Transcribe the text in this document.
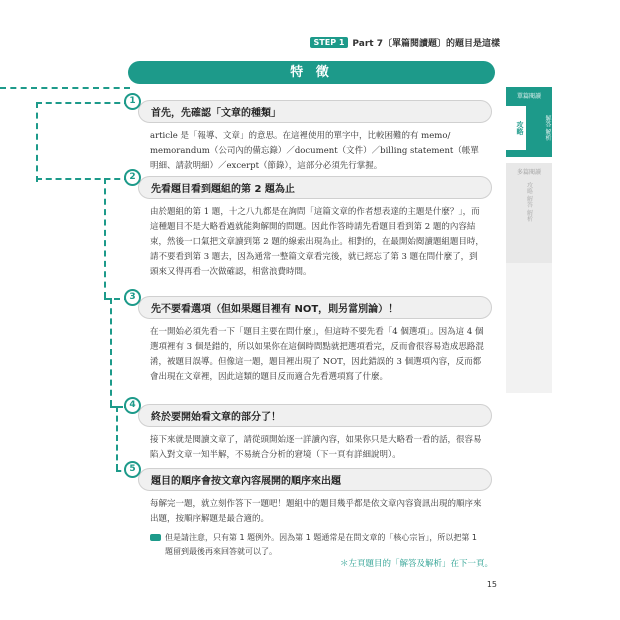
STEP 1 Part 7〔單篇閱讀題〕的題目是這樣
特 徵
1
首先，先確認「文章的種類」
article 是「報導、文章」的意思。在這裡使用的單字中，比較困難的有 memo/ memorandum（公司內的備忘錄）／document（文件）／billing statement（帳單明細、請款明細）／excerpt（節錄），這部分必須先行掌握。
2
先看題目看到題組的第 2 題為止
由於題組的第 1 題，十之八九都是在詢問「這篇文章的作者想表達的主題是什麼？」，而這種題目不是大略看過就能夠解開的問題。因此作答時請先看題目看到第 2 題的內容結束，然後一口氣把文章讀到第 2 題的線索出現為止。相對的，在最開始閱讀題組題目時，請不要看到第 3 題去，因為通常一整篇文章看完後，就已經忘了第 3 題在問什麼了，到頭來又得再看一次做確認，相當浪費時間。
3
先不要看選項（但如果題目裡有 NOT，則另當別論）！
在一開始必須先看一下「題目主要在問什麼」，但這時不要先看「4 個選項」。因為這 4 個選項裡有 3 個是錯的，所以如果你在這個時間點就把選項看完，反而會很容易造成思路混淆，被題目誤導。但像這一題，題目裡出現了 NOT，因此錯誤的 3 個選項內容，反而都會出現在文章裡，因此這類的題目反而適合先看選項寫了什麼。
4
終於要開始看文章的部分了！
接下來就是閱讀文章了，請從頭開始逐一詳讀內容，如果你只是大略看一看的話，很容易陷入對文章一知半解，不易統合分析的窘境（下一頁有詳細說明）。
5
題目的順序會按文章內容展開的順序來出題
每解完一題，就立刻作答下一題吧！題組中的題目幾乎都是依文章內容資訊出現的順序來出題，按順序解題是最合適的。
但是請注意，只有第 1 題例外。因為第 1 題通常是在問文章的「核心宗旨」，所以把第 1 題留到最後再來回答就可以了。
＊左頁題目的「解答及解析」在下一頁。
15
單篇閱讀
攻略	解答 解析
多篇閱讀
攻略 解答 解析
